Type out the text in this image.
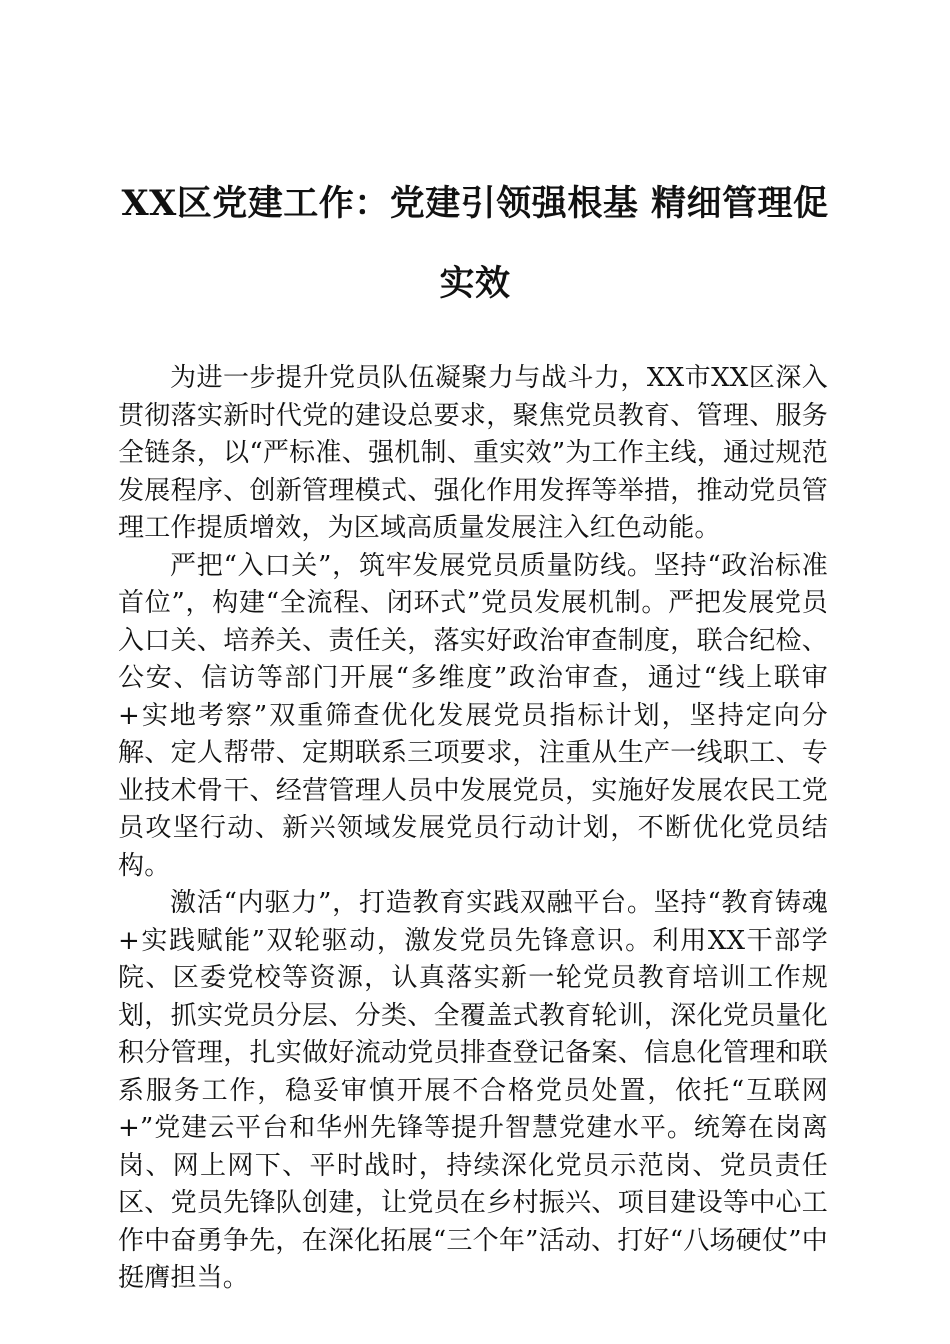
XX区党建工作：党建引领强根基 精细管理促实效

为进一步提升党员队伍凝聚力与战斗力，XX市XX区深入贯彻落实新时代党的建设总要求，聚焦党员教育、管理、服务全链条，以“严标准、强机制、重实效”为工作主线，通过规范发展程序、创新管理模式、强化作用发挥等举措，推动党员管理工作提质增效，为区域高质量发展注入红色动能。

严把“入口关”，筑牢发展党员质量防线。坚持“政治标准首位”，构建“全流程、闭环式”党员发展机制。严把发展党员入口关、培养关、责任关，落实好政治审查制度，联合纪检、公安、信访等部门开展“多维度”政治审查，通过“线上联审+实地考察”双重筛查优化发展党员指标计划，坚持定向分解、定人帮带、定期联系三项要求，注重从生产一线职工、专业技术骨干、经营管理人员中发展党员，实施好发展农民工党员攻坚行动、新兴领域发展党员行动计划，不断优化党员结构。

激活“内驱力”，打造教育实践双融平台。坚持“教育铸魂+实践赋能”双轮驱动，激发党员先锋意识。利用XX干部学院、区委党校等资源，认真落实新一轮党员教育培训工作规划，抓实党员分层、分类、全覆盖式教育轮训，深化党员量化积分管理，扎实做好流动党员排查登记备案、信息化管理和联系服务工作，稳妥审慎开展不合格党员处置，依托“互联网+”党建云平台和华州先锋等提升智慧党建水平。统筹在岗离岗、网上网下、平时战时，持续深化党员示范岗、党员责任区、党员先锋队创建，让党员在乡村振兴、项目建设等中心工作中奋勇争先，在深化拓展“三个年”活动、打好“八场硬仗”中挺膺担当。
